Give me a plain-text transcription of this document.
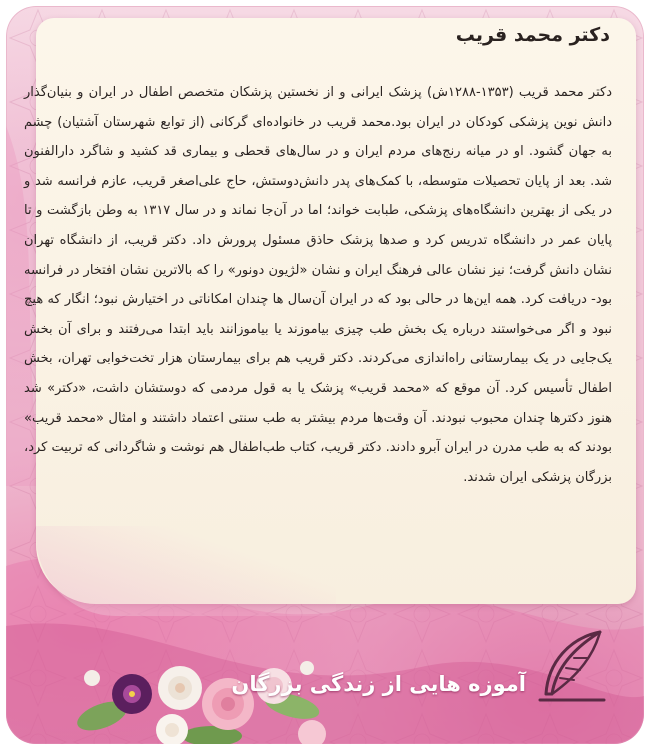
دکتر محمد قریب

دکتر محمد قریب (۱۳۵۳-۱۲۸۸ش) پزشک ایرانی و از نخستین پزشکان متخصص اطفال در ایران و بنیان‌گذار دانش نوین پزشکی کودکان در ایران بود.محمد قریب در خانواده‌ای گرکانی (از توابع شهرستان آشتیان) چشم به جهان گشود. او در میانه رنج‌های مردم ایران و در سال‌های قحطی و بیماری قد کشید و شاگرد دارالفنون شد. بعد از پایان تحصیلات متوسطه، با کمک‌های پدر دانش‌دوستش، حاج علی‌اصغر قریب، عازم فرانسه شد و در یکی از بهترین دانشگاه‌های پزشکی، طبابت خواند؛ اما در آن‌جا نماند و در سال ۱۳۱۷ به وطن بازگشت و تا پایان عمر در دانشگاه تدریس کرد و صدها پزشک حاذق مسئول پرورش داد. دکتر قریب، از دانشگاه تهران نشان دانش گرفت؛ نیز نشان عالی فرهنگ ایران و نشان «لژیون دونور» را که بالاترین نشان افتخار در فرانسه بود- دریافت کرد. همه این‌ها در حالی بود که در ایران آن‌سال ها چندان امکاناتی در اختیارش نبود؛ انگار که هیچ نبود و اگر می‌خواستند درباره یک بخش طب چیزی بیاموزند یا بیاموزانند باید ابتدا می‌رفتند و برای آن بخش یک‌جایی در یک بیمارستانی راه‌اندازی می‌کردند. دکتر قریب هم برای بیمارستان هزار تخت‌خوابی تهران، بخش اطفال تأسیس کرد. آن موقع که «محمد قریب» پزشک یا به قول مردمی که دوستشان داشت، «دکتر» شد هنوز دکترها چندان محبوب نبودند. آن وقت‌ها مردم بیشتر به طب سنتی اعتماد داشتند و امثال «محمد قریب» بودند که به طب مدرن در ایران آبرو دادند. دکتر قریب، کتاب طب‌اطفال هم نوشت و شاگردانی که تربیت کرد، بزرگان پزشکی ایران شدند.

آموزه هایی از زندگی بزرگان
